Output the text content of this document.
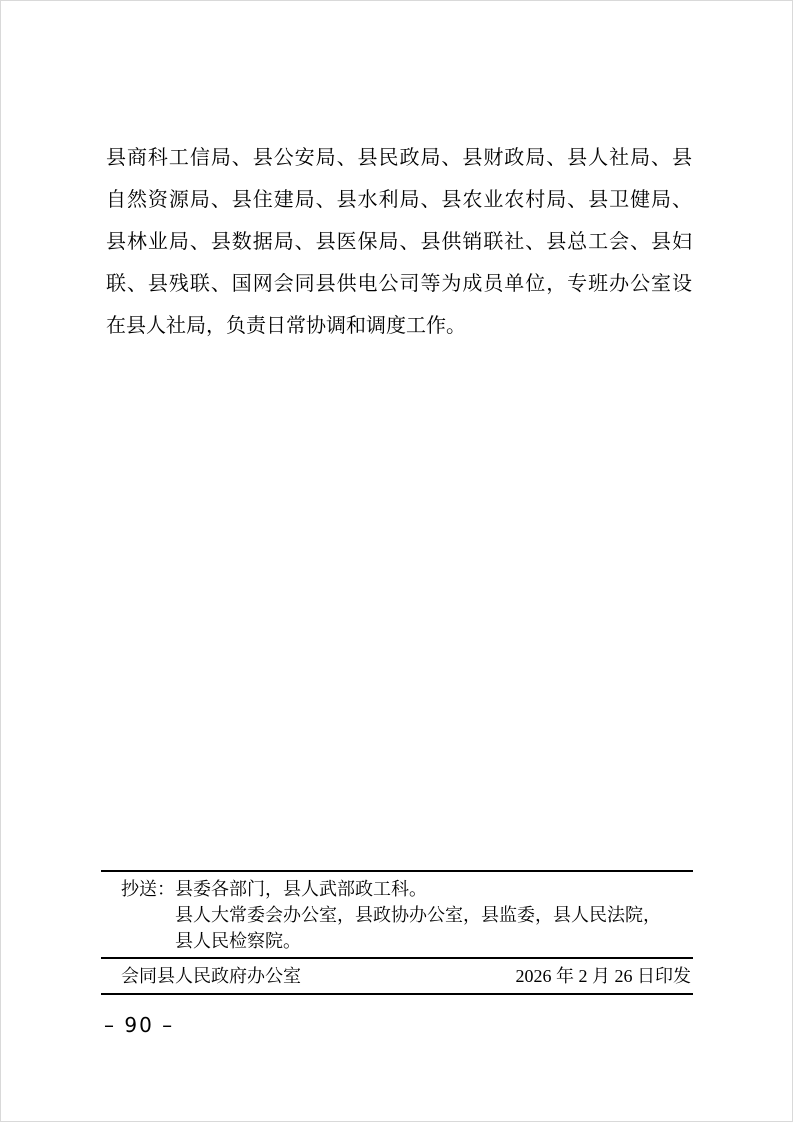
县商科工信局、县公安局、县民政局、县财政局、县人社局、县
自然资源局、县住建局、县水利局、县农业农村局、县卫健局、
县林业局、县数据局、县医保局、县供销联社、县总工会、县妇
联、县残联、国网会同县供电公司等为成员单位，专班办公室设
在县人社局，负责日常协调和调度工作。
抄送：县委各部门，县人武部政工科。
县人大常委会办公室，县政协办公室，县监委，县人民法院，
县人民检察院。
会同县人民政府办公室	2026 年 2 月 26 日印发
– 90 –
